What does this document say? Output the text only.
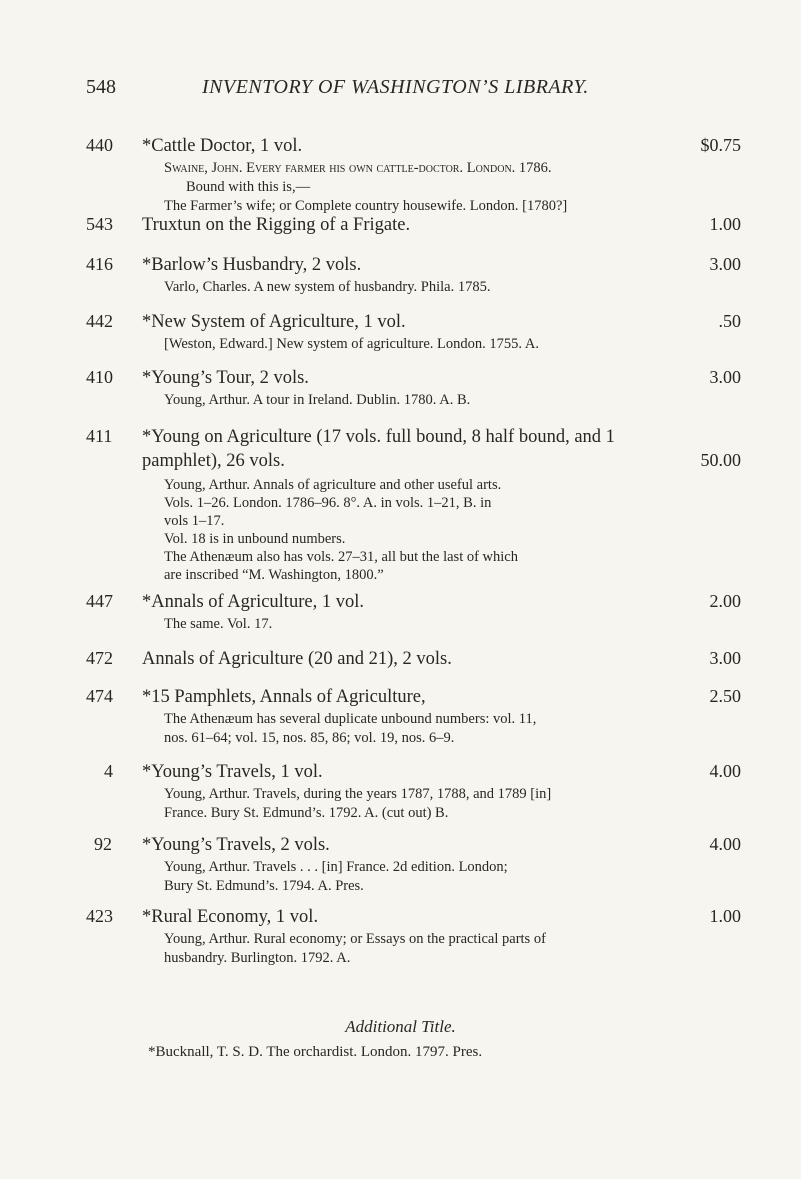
548	INVENTORY OF WASHINGTON’S LIBRARY.
440 *Cattle Doctor, 1 vol.	$0.75
Swaine, John. Every farmer his own cattle-doctor. London. 1786.
Bound with this is,—
The Farmer’s wife; or Complete country housewife. London. [1780?]
543 Truxtun on the Rigging of a Frigate.	1.00
416 *Barlow’s Husbandry, 2 vols.	3.00
Varlo, Charles. A new system of husbandry. Phila. 1785.
442 *New System of Agriculture, 1 vol.	.50
[Weston, Edward.] New system of agriculture. London. 1755. A.
410 *Young’s Tour, 2 vols.	3.00
Young, Arthur. A tour in Ireland. Dublin. 1780. A. B.
411 *Young on Agriculture (17 vols. full bound, 8 half bound, and 1
pamphlet), 26 vols.	50.00
Young, Arthur. Annals of agriculture and other useful arts.
Vols. 1–26. London. 1786–96. 8°. A. in vols. 1–21, B. in
vols 1–17.
Vol. 18 is in unbound numbers.
The Athenæum also has vols. 27–31, all but the last of which
are inscribed “M. Washington, 1800.”
447 *Annals of Agriculture, 1 vol.	2.00
The same. Vol. 17.
472 Annals of Agriculture (20 and 21), 2 vols.	3.00
474 *15 Pamphlets, Annals of Agriculture,	2.50
The Athenæum has several duplicate unbound numbers: vol. 11,
nos. 61–64; vol. 15, nos. 85, 86; vol. 19, nos. 6–9.
4 *Young’s Travels, 1 vol.	4.00
Young, Arthur. Travels, during the years 1787, 1788, and 1789 [in]
France. Bury St. Edmund’s. 1792. A. (cut out) B.
92 *Young’s Travels, 2 vols.	4.00
Young, Arthur. Travels . . . [in] France. 2d edition. London;
Bury St. Edmund’s. 1794. A. Pres.
423 *Rural Economy, 1 vol.	1.00
Young, Arthur. Rural economy; or Essays on the practical parts of
husbandry. Burlington. 1792. A.
Additional Title.
*Bucknall, T. S. D. The orchardist. London. 1797. Pres.
